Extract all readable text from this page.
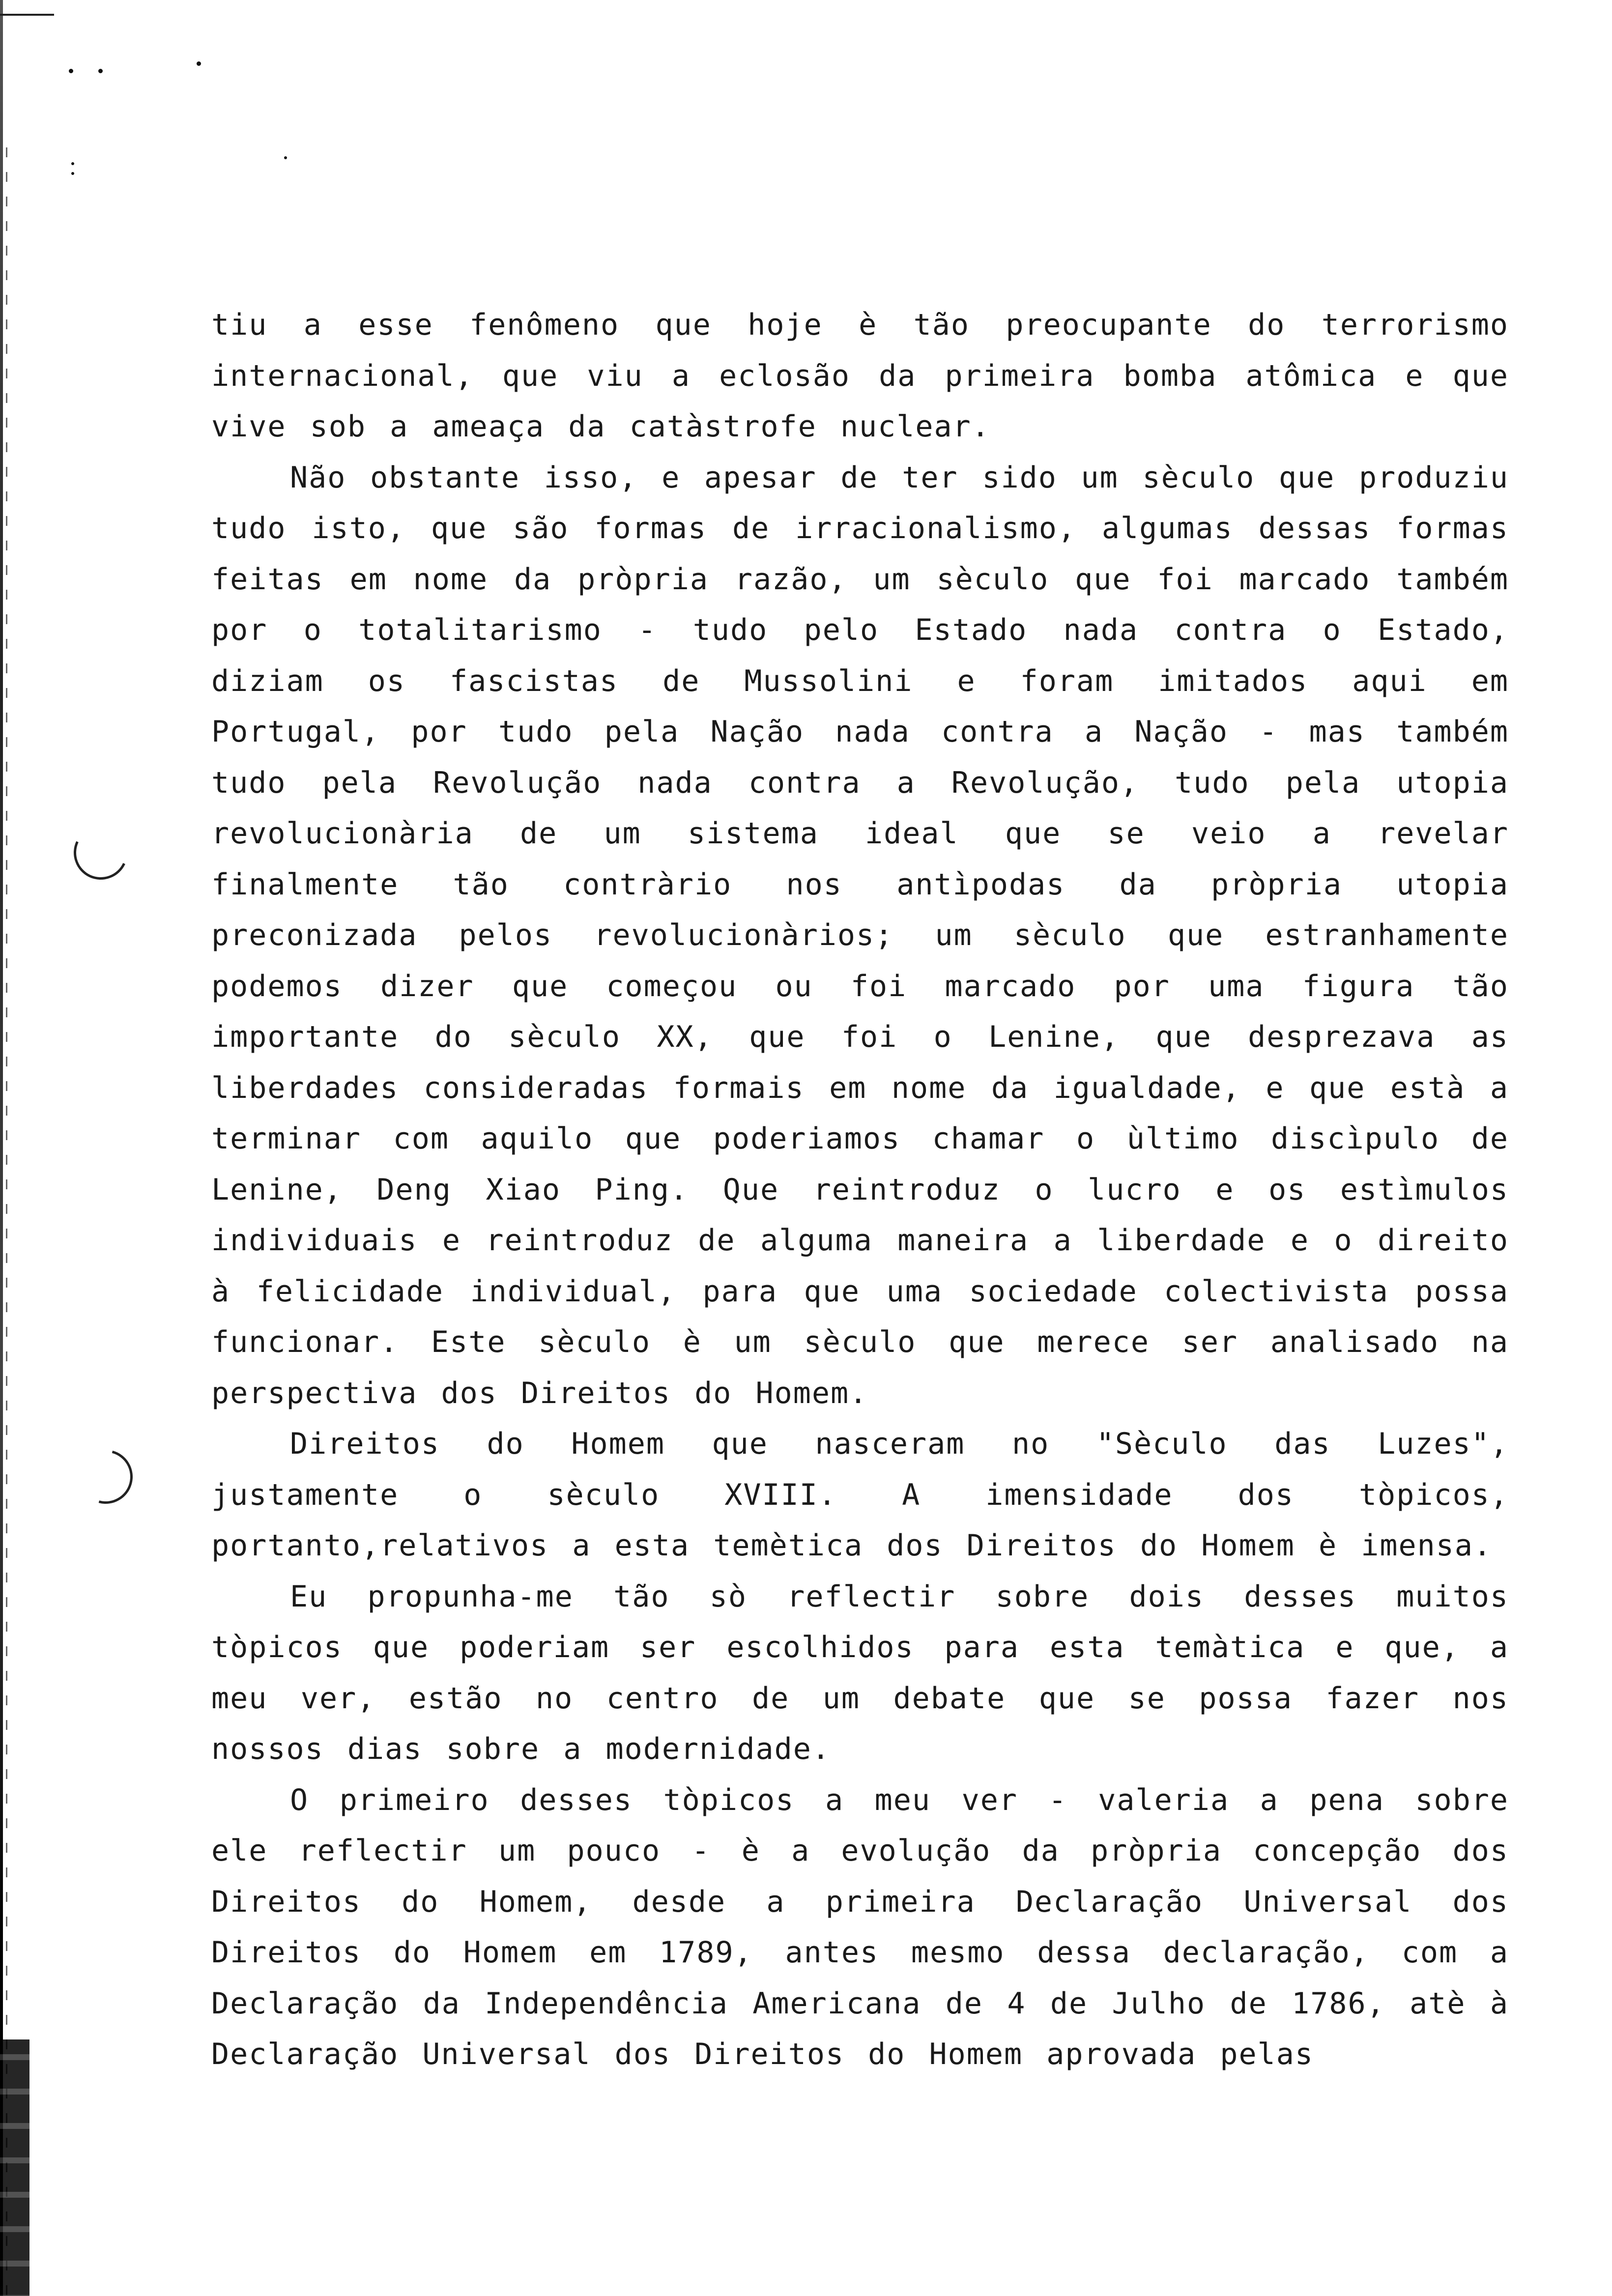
tiu a esse fenômeno que hoje è tão preocupante do terrorismo internacional, que viu a eclosão da primeira bomba atômica e que vive sob a ameaça da catàstrofe nuclear.

Não obstante isso, e apesar de ter sido um sèculo que produziu tudo isto, que são formas de irracionalismo, algumas dessas formas feitas em nome da pròpria razão, um sèculo que foi marcado também por o totalitarismo - tudo pelo Estado nada contra o Estado, diziam os fascistas de Mussolini e foram imitados aqui em Portugal, por tudo pela Nação nada contra a Nação - mas também tudo pela Revolução nada contra a Revolução, tudo pela utopia revolucionària de um sistema ideal que se veio a revelar finalmente tão contràrio nos antìpodas da pròpria utopia preconizada pelos revolucionàrios; um sèculo que estranhamente podemos dizer que começou ou foi marcado por uma figura tão importante do sèculo XX, que foi o Lenine, que desprezava as liberdades consideradas formais em nome da igualdade, e que està a terminar com aquilo que poderiamos chamar o ùltimo discìpulo de Lenine, Deng Xiao Ping. Que reintroduz o lucro e os estìmulos individuais e reintroduz de alguma maneira a liberdade e o direito à felicidade individual, para que uma sociedade colectivista possa funcionar. Este sèculo è um sèculo que merece ser analisado na perspectiva dos Direitos do Homem.

Direitos do Homem que nasceram no "Sèculo das Luzes", justamente o sèculo XVIII. A imensidade dos tòpicos, portanto,relativos a esta temètica dos Direitos do Homem è imensa.

Eu propunha-me tão sò reflectir sobre dois desses muitos tòpicos que poderiam ser escolhidos para esta temàtica e que, a meu ver, estão no centro de um debate que se possa fazer nos nossos dias sobre a modernidade.

O primeiro desses tòpicos a meu ver - valeria a pena sobre ele reflectir um pouco - è a evolução da pròpria concepção dos Direitos do Homem, desde a primeira Declaração Universal dos Direitos do Homem em 1789, antes mesmo dessa declaração, com a Declaração da Independência Americana de 4 de Julho de 1786, atè à Declaração Universal dos Direitos do Homem aprovada pelas
